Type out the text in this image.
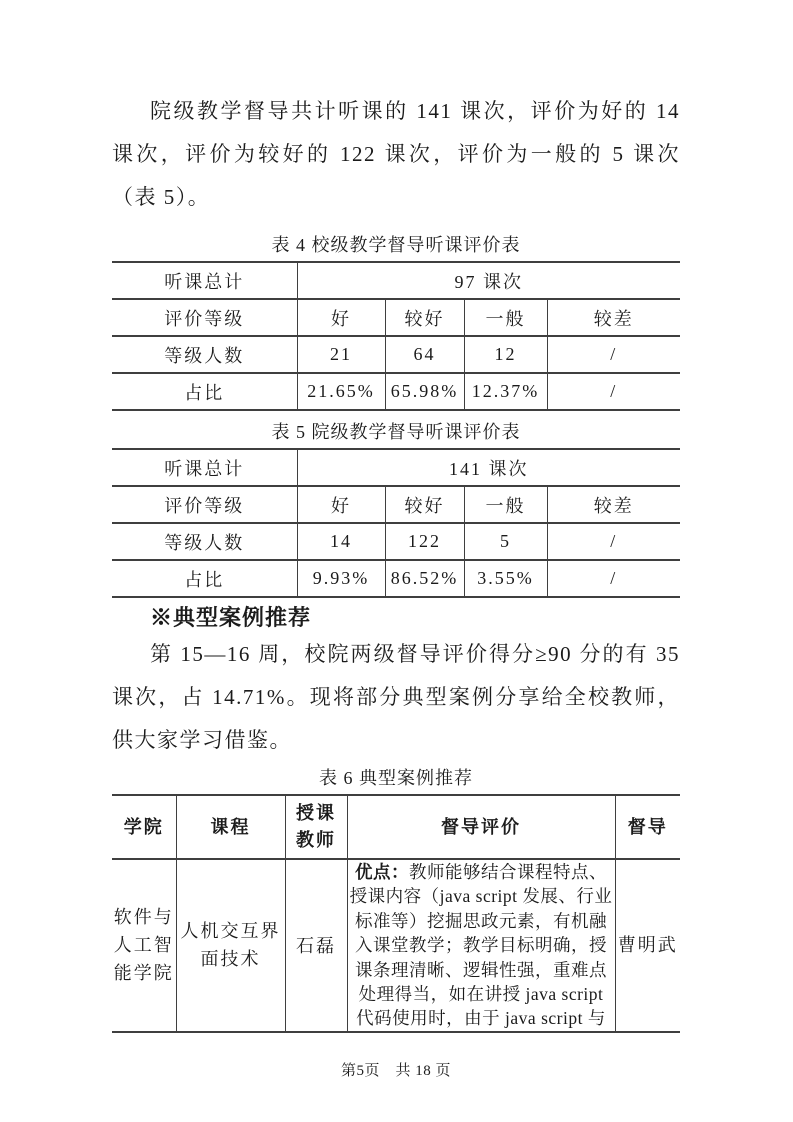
院级教学督导共计听课的 141 课次，评价为好的 14 课次，评价为较好的 122 课次，评价为一般的 5 课次（表 5）。

表 4 校级教学督导听课评价表

听课总计	97 课次			
评价等级	好	较好	一般	较差
等级人数	21	64	12	/
占比	21.65%	65.98%	12.37%	/

表 5 院级教学督导听课评价表

听课总计	141 课次			
评价等级	好	较好	一般	较差
等级人数	14	122	5	/
占比	9.93%	86.52%	3.55%	/
※典型案例推荐

第 15—16 周，校院两级督导评价得分≥90 分的有 35 课次，占 14.71%。现将部分典型案例分享给全校教师，供大家学习借鉴。

表 6 典型案例推荐

学院	课程	授课教师	督导评价	督导
软件与人工智能学院	人机交互界面技术	石磊	优点：教师能够结合课程特点、授课内容（java script 发展、行业标准等）挖掘思政元素，有机融入课堂教学；教学目标明确，授课条理清晰、逻辑性强，重难点处理得当，如在讲授 java script 代码使用时，由于 java script 与	曹明武
第5页　共 18 页
